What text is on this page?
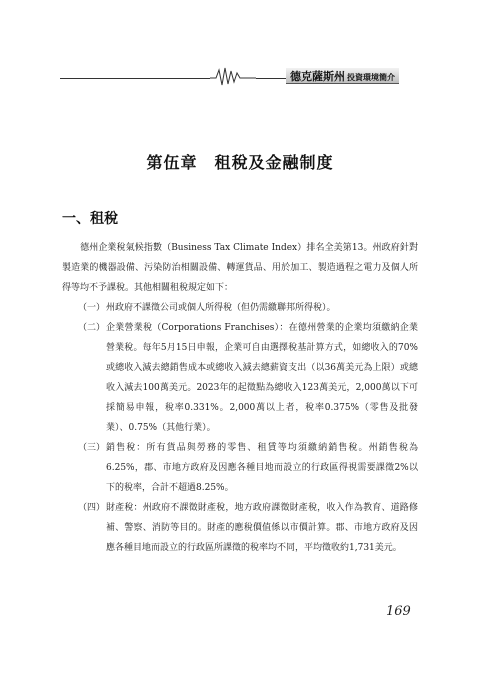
德克薩斯州 投資環境簡介
第伍章　租稅及金融制度
一、租稅

德州企業稅氣候指數（Business Tax Climate Index）排名全美第13。州政府針對製造業的機器設備、污染防治相關設備、轉運貨品、用於加工、製造過程之電力及個人所得等均不予課稅。其他相關租稅規定如下：

（一） 州政府不課徵公司或個人所得稅（但仍需繳聯邦所得稅）。
（二） 企業營業稅（Corporations Franchises）：在德州營業的企業均須繳納企業營業稅。每年5月15日申報，企業可自由選擇稅基計算方式，如總收入的70%或總收入減去總銷售成本或總收入減去總薪資支出（以36萬美元為上限）或總收入減去100萬美元。2023年的起徵點為總收入123萬美元，2,000萬以下可採簡易申報，稅率0.331%。2,000萬以上者，稅率0.375%（零售及批發業）、0.75%（其他行業）。
（三） 銷售稅：所有貨品與勞務的零售、租賃等均須繳納銷售稅。州銷售稅為6.25%，郡、市地方政府及因應各種目地而設立的行政區得視需要課徵2%以下的稅率，合計不超過8.25%。
（四） 財產稅：州政府不課徵財產稅，地方政府課徵財產稅，收入作為教育、道路修補、警察、消防等目的。財產的應稅價值係以市價計算。郡、市地方政府及因應各種目地而設立的行政區所課徵的稅率均不同，平均徵收約1,731美元。
169
